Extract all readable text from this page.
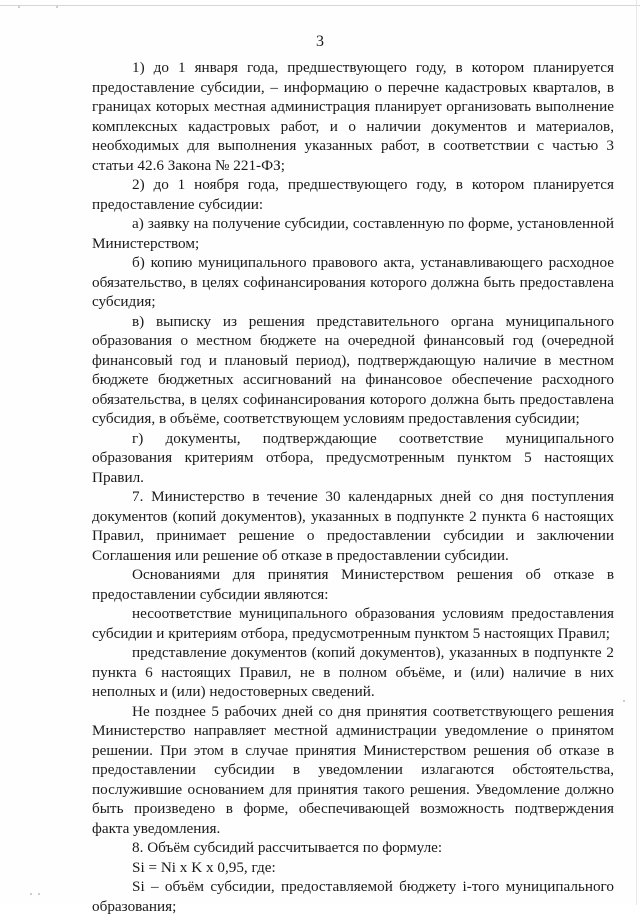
3

1) до 1 января года, предшествующего году, в котором планируется предоставление субсидии, – информацию о перечне кадастровых кварталов, в границах которых местная администрация планирует организовать выполнение комплексных кадастровых работ, и о наличии документов и материалов, необходимых для выполнения указанных работ, в соответствии с частью 3 статьи 42.6 Закона № 221-ФЗ;

2) до 1 ноября года, предшествующего году, в котором планируется предоставление субсидии:

а) заявку на получение субсидии, составленную по форме, установленной Министерством;

б) копию муниципального правового акта, устанавливающего расходное обязательство, в целях софинансирования которого должна быть предоставлена субсидия;

в) выписку из решения представительного органа муниципального образования о местном бюджете на очередной финансовый год (очередной финансовый год и плановый период), подтверждающую наличие в местном бюджете бюджетных ассигнований на финансовое обеспечение расходного обязательства, в целях софинансирования которого должна быть предоставлена субсидия, в объёме, соответствующем условиям предоставления субсидии;

г) документы, подтверждающие соответствие муниципального образования критериям отбора, предусмотренным пунктом 5 настоящих Правил.

7. Министерство в течение 30 календарных дней со дня поступления документов (копий документов), указанных в подпункте 2 пункта 6 настоящих Правил, принимает решение о предоставлении субсидии и заключении Соглашения или решение об отказе в предоставлении субсидии.

Основаниями для принятия Министерством решения об отказе в предоставлении субсидии являются:

несоответствие муниципального образования условиям предоставления субсидии и критериям отбора, предусмотренным пунктом 5 настоящих Правил;

представление документов (копий документов), указанных в подпункте 2 пункта 6 настоящих Правил, не в полном объёме, и (или) наличие в них неполных и (или) недостоверных сведений.

Не позднее 5 рабочих дней со дня принятия соответствующего решения Министерство направляет местной администрации уведомление о принятом решении. При этом в случае принятия Министерством решения об отказе в предоставлении субсидии в уведомлении излагаются обстоятельства, послужившие основанием для принятия такого решения. Уведомление должно быть произведено в форме, обеспечивающей возможность подтверждения факта уведомления.

8. Объём субсидий рассчитывается по формуле:

Si = Ni x K x 0,95, где:

Si – объём субсидии, предоставляемой бюджету i-того муниципального образования;
